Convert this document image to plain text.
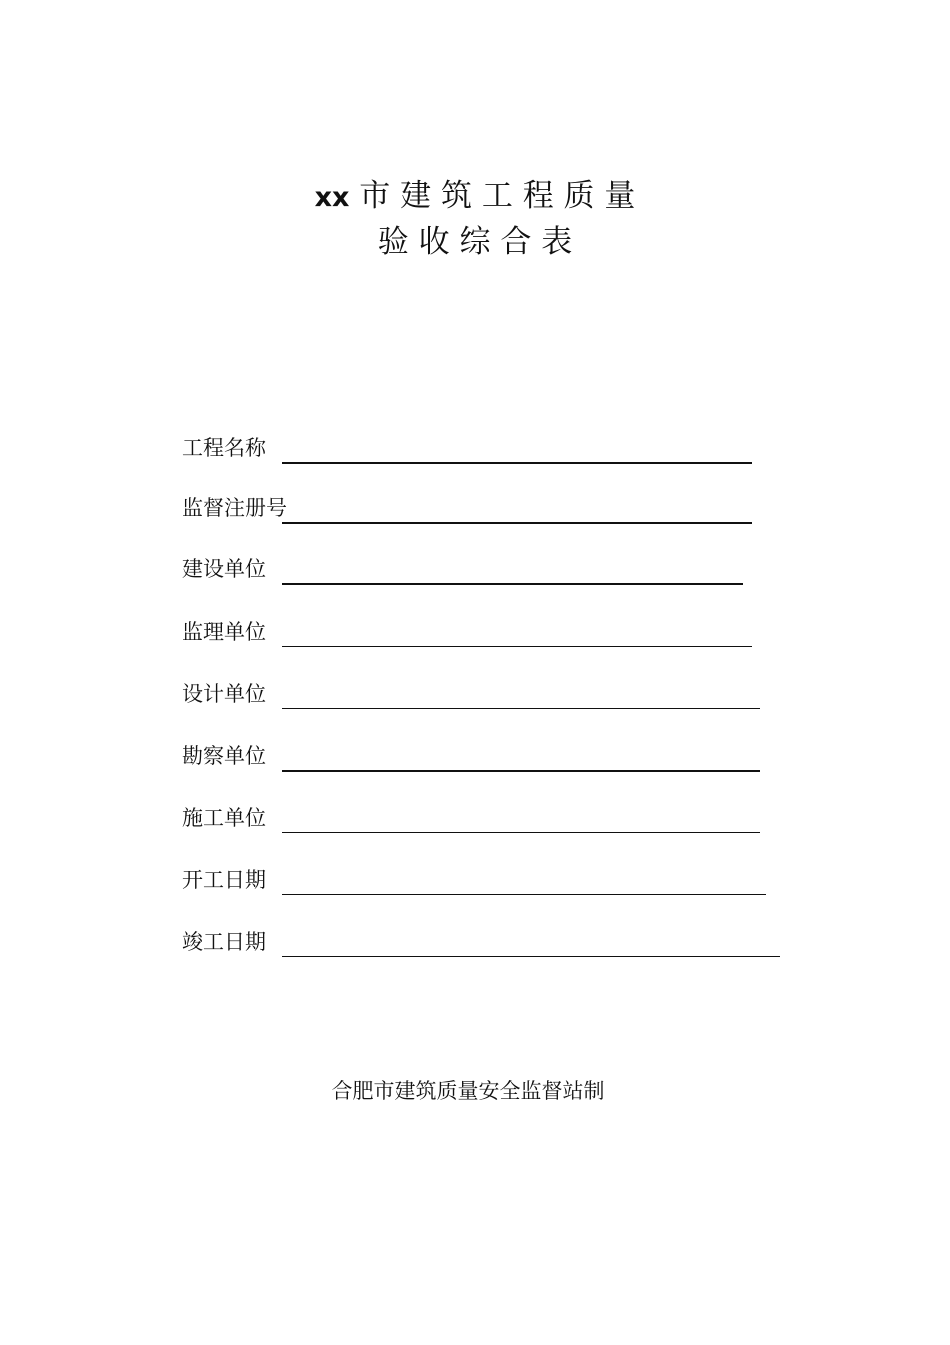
xx 市 建 筑 工 程 质 量
验 收 综 合 表
工程名称
监督注册号
建设单位
监理单位
设计单位
勘察单位
施工单位
开工日期
竣工日期
合肥市建筑质量安全监督站制
